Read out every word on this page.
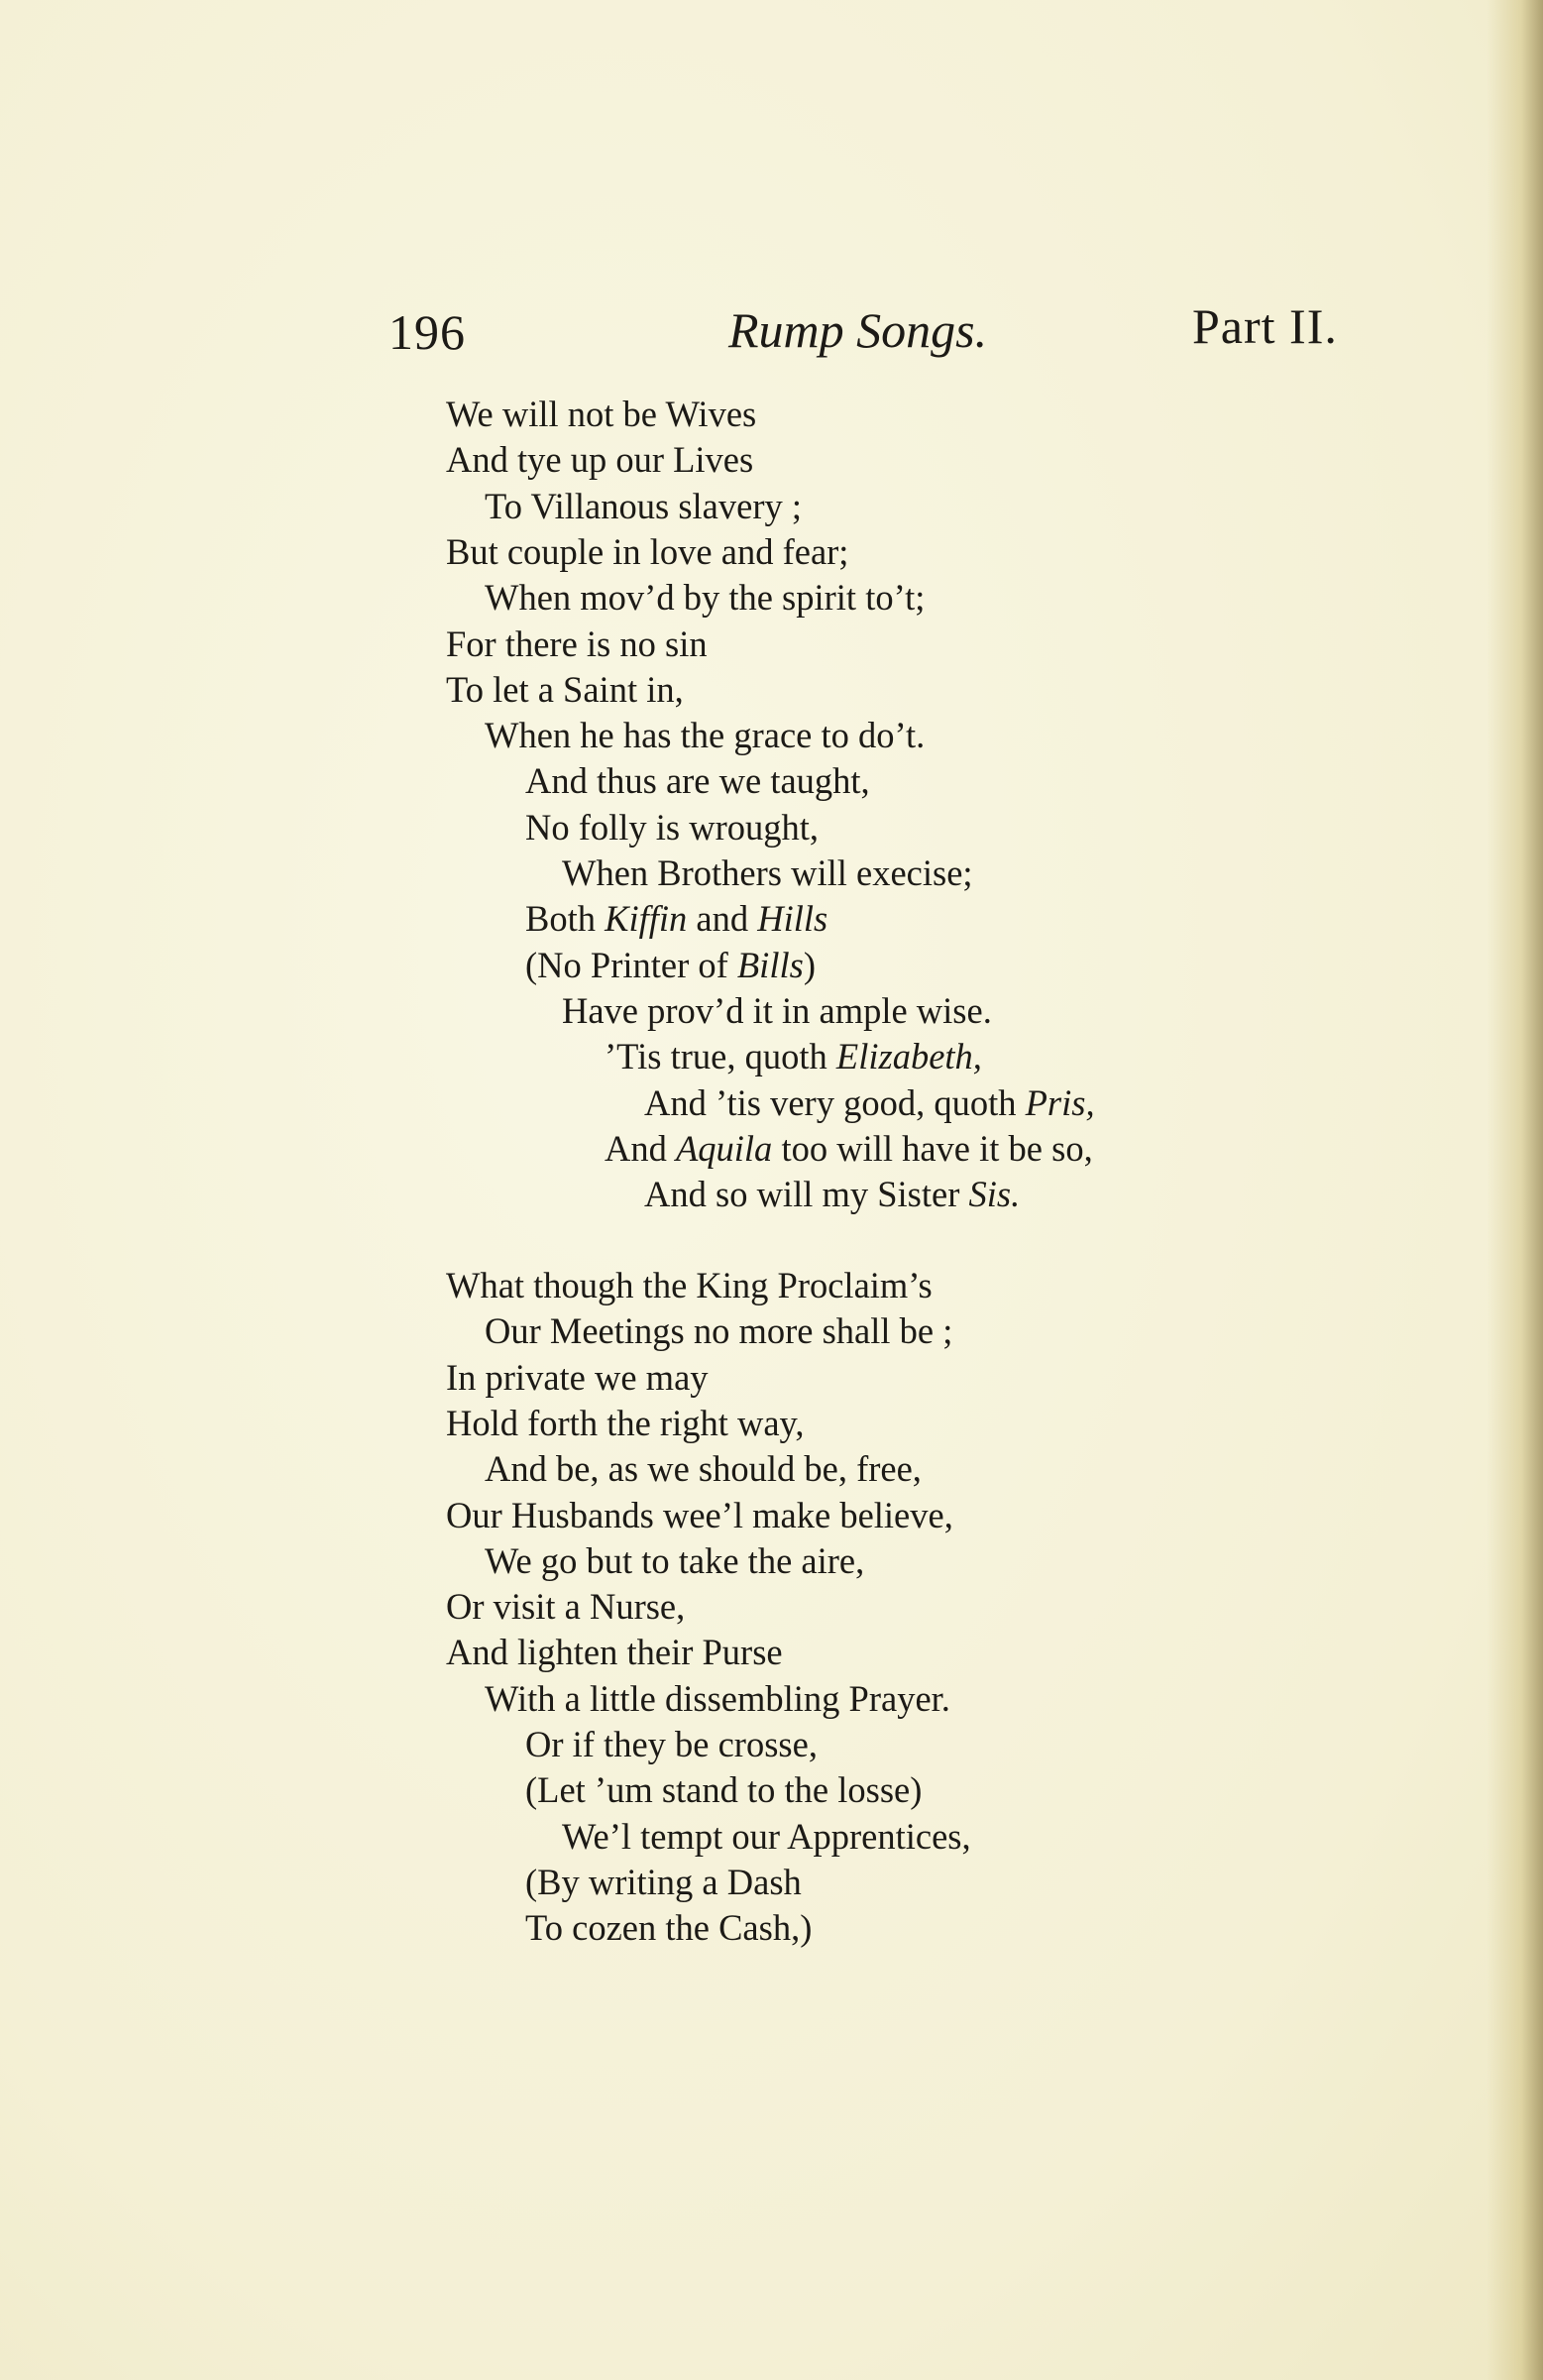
196	Rump Songs.	Part II.
We will not be Wives
And tye up our Lives
To Villanous slavery ;
But couple in love and fear;
When mov’d by the spirit to’t;
For there is no sin
To let a Saint in,
When he has the grace to do’t.
And thus are we taught,
No folly is wrought,
When Brothers will execise;
Both Kiffin and Hills
(No Printer of Bills)
Have prov’d it in ample wise.
’Tis true, quoth Elizabeth,
And ’tis very good, quoth Pris,
And Aquila too will have it be so,
And so will my Sister Sis.
What though the King Proclaim’s
Our Meetings no more shall be ;
In private we may
Hold forth the right way,
And be, as we should be, free,
Our Husbands wee’l make believe,
We go but to take the aire,
Or visit a Nurse,
And lighten their Purse
With a little dissembling Prayer.
Or if they be crosse,
(Let ’um stand to the losse)
We’l tempt our Apprentices,
(By writing a Dash
To cozen the Cash,)
